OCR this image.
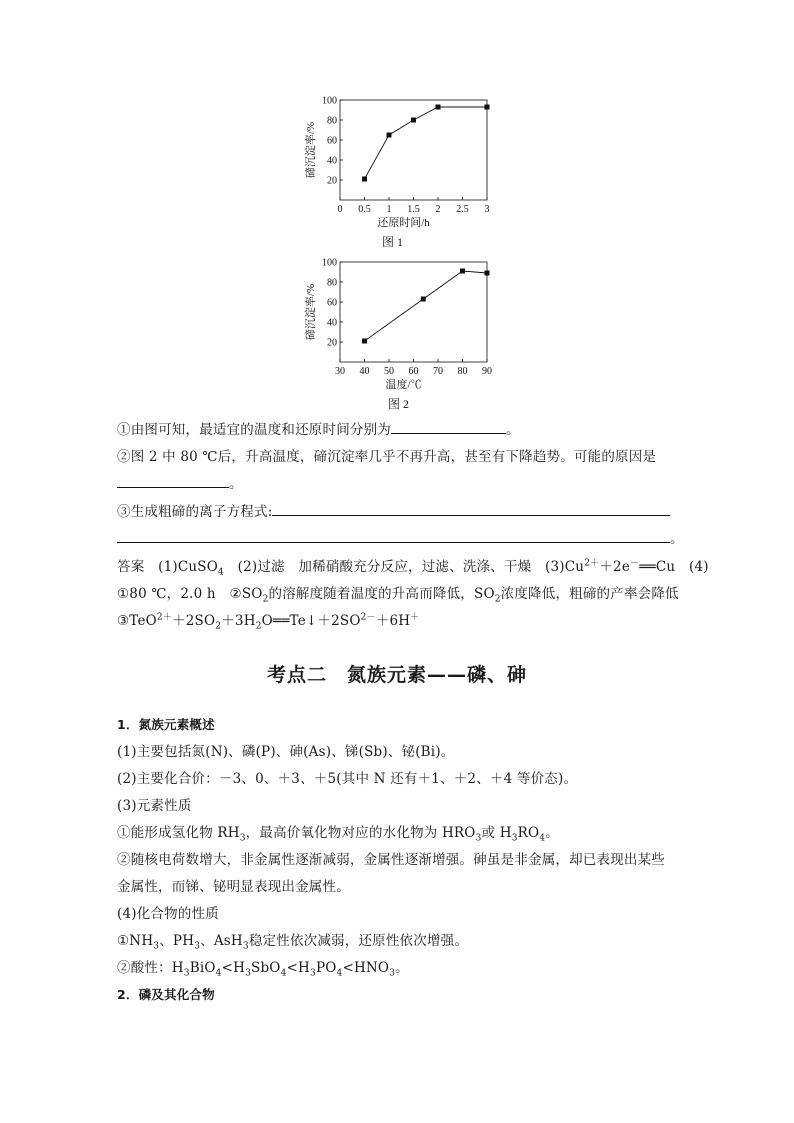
0 0.5 1 1.5 2 2.5 3
20
40
60
80
100
还原时间/h
碲沉淀率/%
图 1
30 40 50 60 70 80 90
20
40
60
80
100
温度/℃
碲沉淀率/%
图 2
①由图可知，最适宜的温度和还原时间分别为	。
②图 2 中 80 ℃后，升高温度，碲沉淀率几乎不再升高，甚至有下降趋势。可能的原因是
。
③生成粗碲的离子方程式:
。
答案　(1)CuSO$_4$　(2)过滤　加稀硝酸充分反应，过滤、洗涤、干燥　$(3)Cu^{2+}+2e^-══Cu$　(4)
①80 ℃，2.0 h　$②SO_2$的溶解度随着温度的升高而降低，$SO_2$浓度降低，粗碲的产率会降低
$③TeO^{2+}+2SO_2+3H_2O══Te↓+2SO^{2-}+6H^+$
考点二　氮族元素——磷、砷
1．氮族元素概述
(1)主要包括氮(N)、磷(P)、砷(As)、锑(Sb)、铋(Bi)。
(2)主要化合价：－3、0、＋3、＋5(其中 N 还有＋1、＋2、＋4 等价态)。
(3)元素性质
①能形成氢化物 $RH_3$，最高价氧化物对应的水化物为 $HRO_3$或 $H_3RO_4$。
②随核电荷数增大，非金属性逐渐减弱，金属性逐渐增强。砷虽是非金属，却已表现出某些
金属性，而锑、铋明显表现出金属性。
(4)化合物的性质
$①NH_3$、$PH_3$、AsH$_3$稳定性依次减弱，还原性依次增强。
②酸性：$H_3BiO_4<H_3SbO_4<H_3PO_4<HNO_3$。
2．磷及其化合物
